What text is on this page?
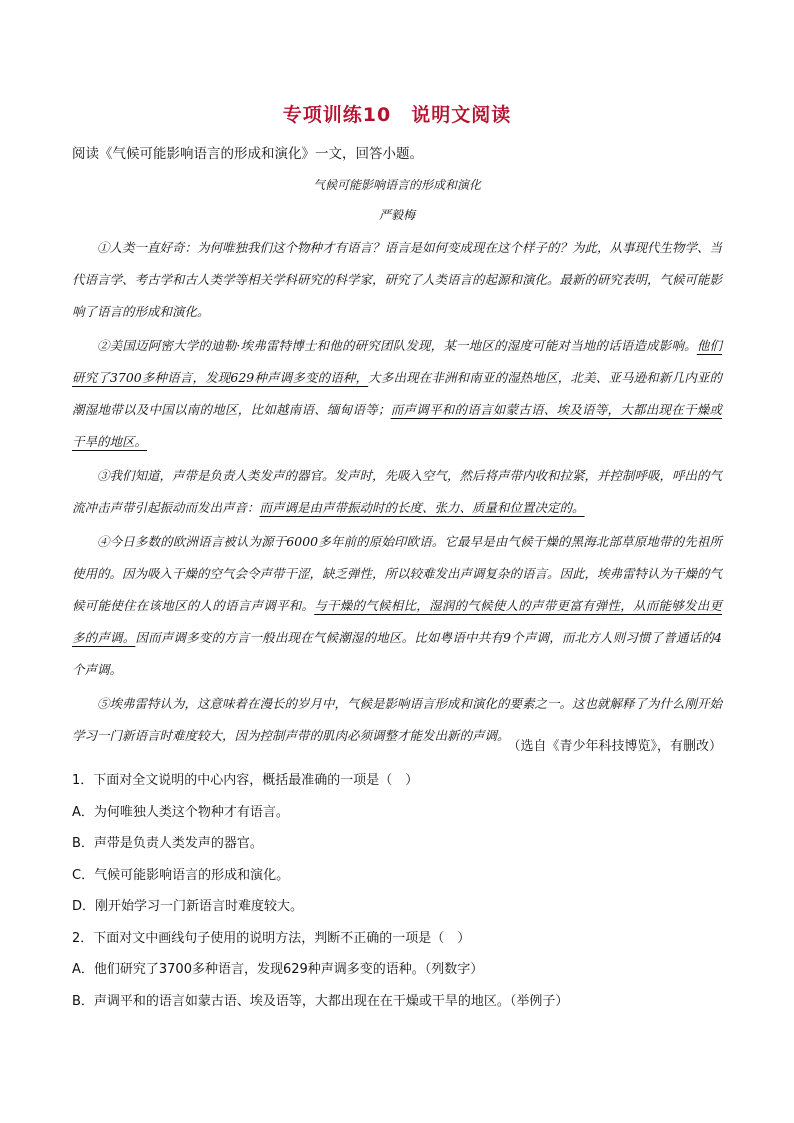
专项训练10　说明文阅读
阅读《气候可能影响语言的形成和演化》一文，回答小题。
气候可能影响语言的形成和演化
严毅梅

①人类一直好奇：为何唯独我们这个物种才有语言？语言是如何变成现在这个样子的？为此，从事现代生物学、当代语言学、考古学和古人类学等相关学科研究的科学家，研究了人类语言的起源和演化。最新的研究表明，气候可能影响了语言的形成和演化。

②美国迈阿密大学的迪勒·埃弗雷特博士和他的研究团队发现，某一地区的湿度可能对当地的话语造成影响。他们研究了3700多种语言，发现629种声调多变的语种，大多出现在非洲和南亚的湿热地区，北美、亚马逊和新几内亚的潮湿地带以及中国以南的地区，比如越南语、缅甸语等；而声调平和的语言如蒙古语、埃及语等，大都出现在干燥或干旱的地区。

③我们知道，声带是负责人类发声的器官。发声时，先吸入空气，然后将声带内收和拉紧，并控制呼吸，呼出的气流冲击声带引起振动而发出声音：而声调是由声带振动时的长度、张力、质量和位置决定的。

④今日多数的欧洲语言被认为源于6000多年前的原始印欧语。它最早是由气候干燥的黑海北部草原地带的先祖所使用的。因为吸入干燥的空气会令声带干涩，缺乏弹性，所以较难发出声调复杂的语言。因此，埃弗雷特认为干燥的气候可能使住在该地区的人的语言声调平和。与干燥的气候相比，湿润的气候使人的声带更富有弹性，从而能够发出更多的声调。因而声调多变的方言一般出现在气候潮湿的地区。比如粤语中共有9个声调，而北方人则习惯了普通话的4个声调。

⑤埃弗雷特认为，这意味着在漫长的岁月中，气候是影响语言形成和演化的要素之一。这也就解释了为什么刚开始学习一门新语言时难度较大，因为控制声带的肌肉必须调整才能发出新的声调。

（选自《青少年科技博览》，有删改）
1．下面对全文说明的中心内容，概括最准确的一项是（　）
A．为何唯独人类这个物种才有语言。
B．声带是负责人类发声的器官。
C．气候可能影响语言的形成和演化。
D．刚开始学习一门新语言时难度较大。
2．下面对文中画线句子使用的说明方法，判断不正确的一项是（　）
A．他们研究了3700多种语言，发现629种声调多变的语种。（列数字）
B．声调平和的语言如蒙古语、埃及语等，大都出现在在干燥或干旱的地区。（举例子）
